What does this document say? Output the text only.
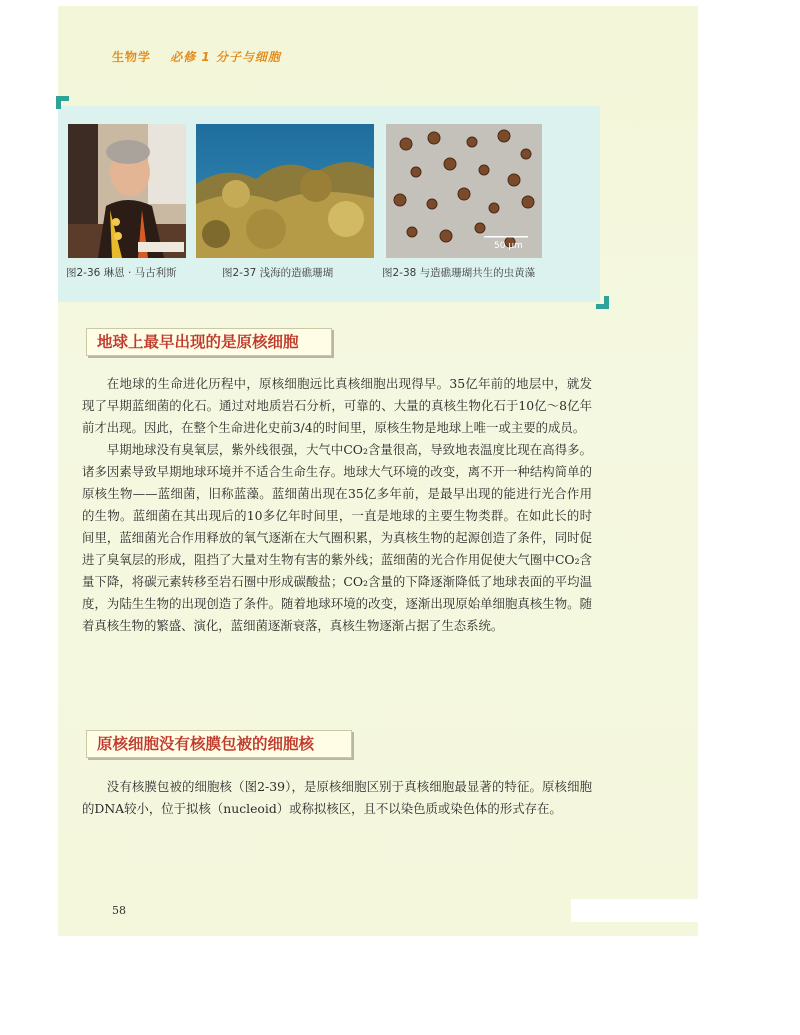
生物学 必修 1 分子与细胞
58
50 μm
图2-36 琳恩 · 马古利斯	图2-37 浅海的造礁珊瑚	图2-38 与造礁珊瑚共生的虫黄藻
地球上最早出现的是原核细胞

在地球的生命进化历程中，原核细胞远比真核细胞出现得早。35亿年前的地层中，就发现了早期蓝细菌的化石。通过对地质岩石分析，可靠的、大量的真核生物化石于10亿～8亿年前才出现。因此，在整个生命进化史前3/4的时间里，原核生物是地球上唯一或主要的成员。

早期地球没有臭氧层，紫外线很强，大气中CO₂含量很高，导致地表温度比现在高得多。诸多因素导致早期地球环境并不适合生命生存。地球大气环境的改变，离不开一种结构简单的原核生物——蓝细菌，旧称蓝藻。蓝细菌出现在35亿多年前，是最早出现的能进行光合作用的生物。蓝细菌在其出现后的10多亿年时间里，一直是地球的主要生物类群。在如此长的时间里，蓝细菌光合作用释放的氧气逐渐在大气圈积累，为真核生物的起源创造了条件，同时促进了臭氧层的形成，阻挡了大量对生物有害的紫外线；蓝细菌的光合作用促使大气圈中CO₂含量下降，将碳元素转移至岩石圈中形成碳酸盐；CO₂含量的下降逐渐降低了地球表面的平均温度，为陆生生物的出现创造了条件。随着地球环境的改变，逐渐出现原始单细胞真核生物。随着真核生物的繁盛、演化，蓝细菌逐渐衰落，真核生物逐渐占据了生态系统。

原核细胞没有核膜包被的细胞核

没有核膜包被的细胞核（图2-39），是原核细胞区别于真核细胞最显著的特征。原核细胞的DNA较小，位于拟核（nucleoid）或称拟核区，且不以染色质或染色体的形式存在。
